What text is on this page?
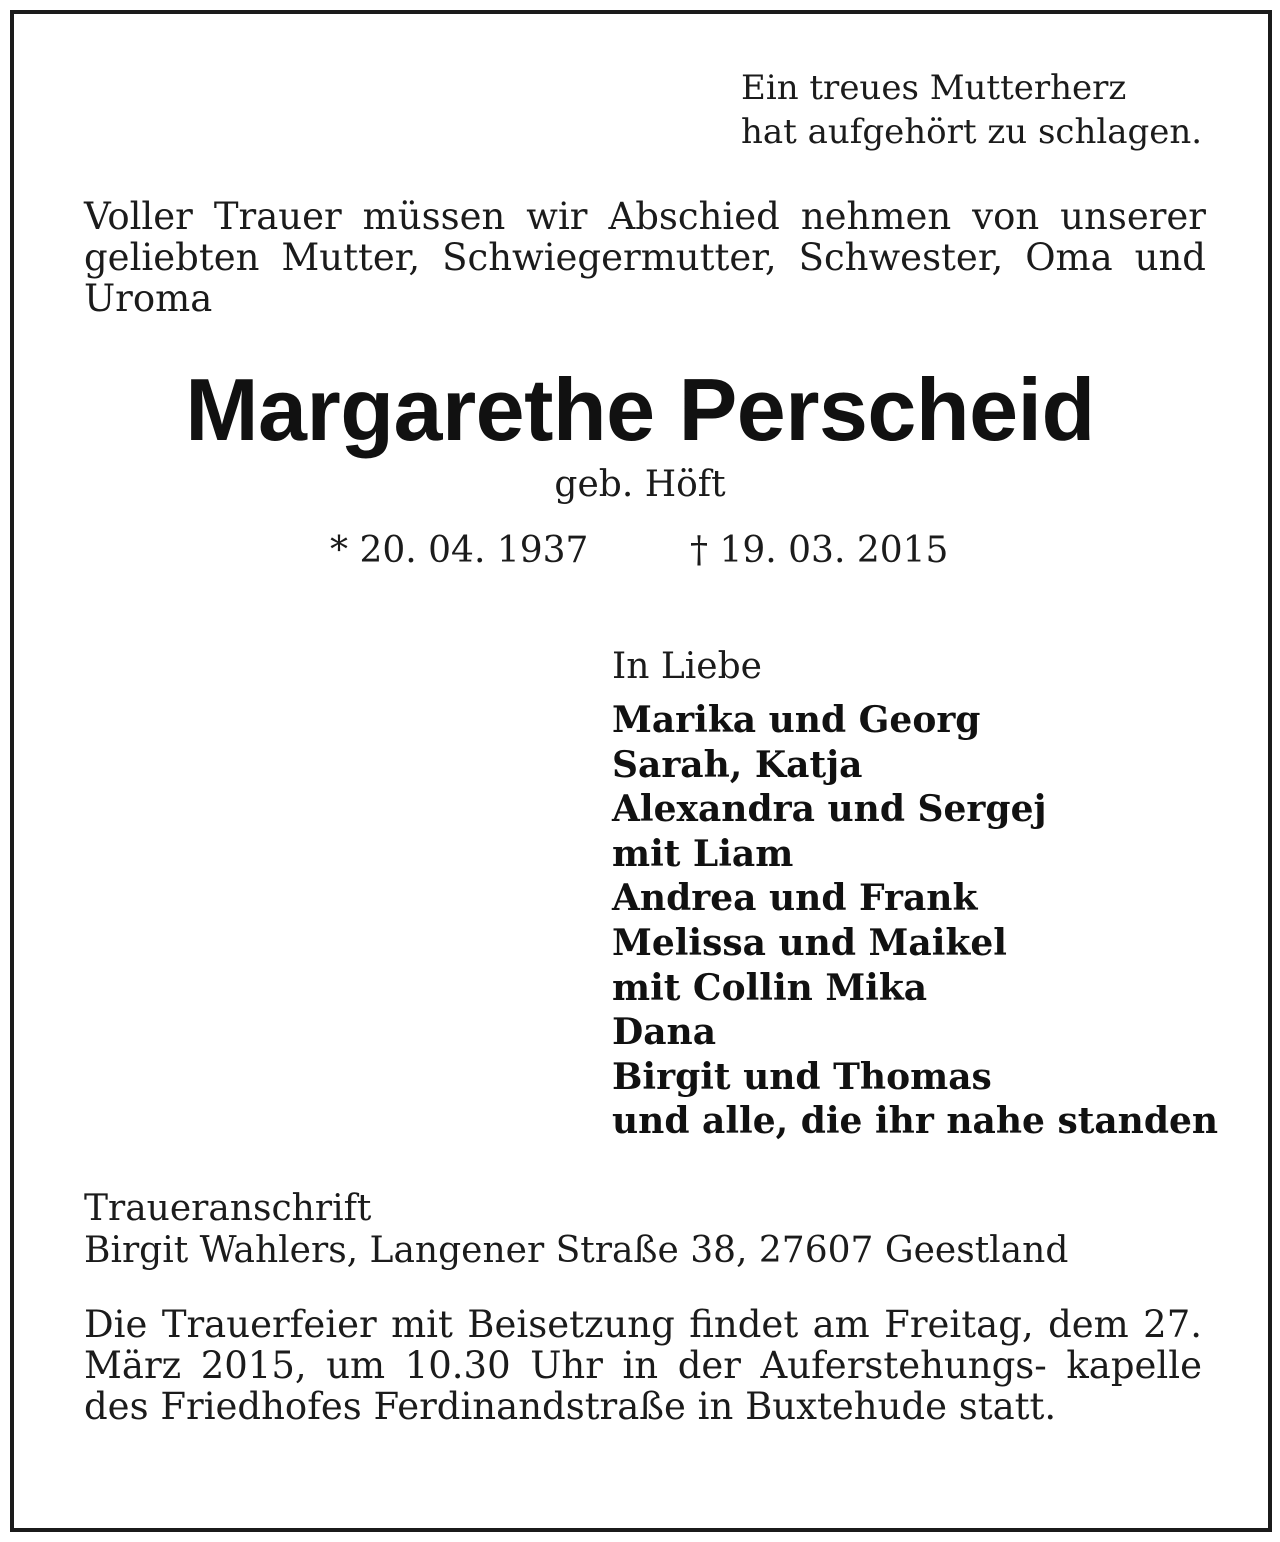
Ein treues Mutterherz
hat aufgehört zu schlagen.
Voller Trauer müssen wir Abschied nehmen von unserer geliebten Mutter, Schwiegermutter, Schwester, Oma und Uroma
Margarethe Perscheid
geb. Höft
* 20. 04. 1937	† 19. 03. 2015
In Liebe
Marika und Georg
Sarah, Katja
Alexandra und Sergej
mit Liam
Andrea und Frank
Melissa und Maikel
mit Collin Mika
Dana
Birgit und Thomas
und alle, die ihr nahe standen
Traueranschrift
Birgit Wahlers, Langener Straße 38, 27607 Geestland
Die Trauerfeier mit Beisetzung findet am Freitag, dem 27. März 2015, um 10.30 Uhr in der Auferstehungs- kapelle des Friedhofes Ferdinandstraße in Buxtehude statt.
